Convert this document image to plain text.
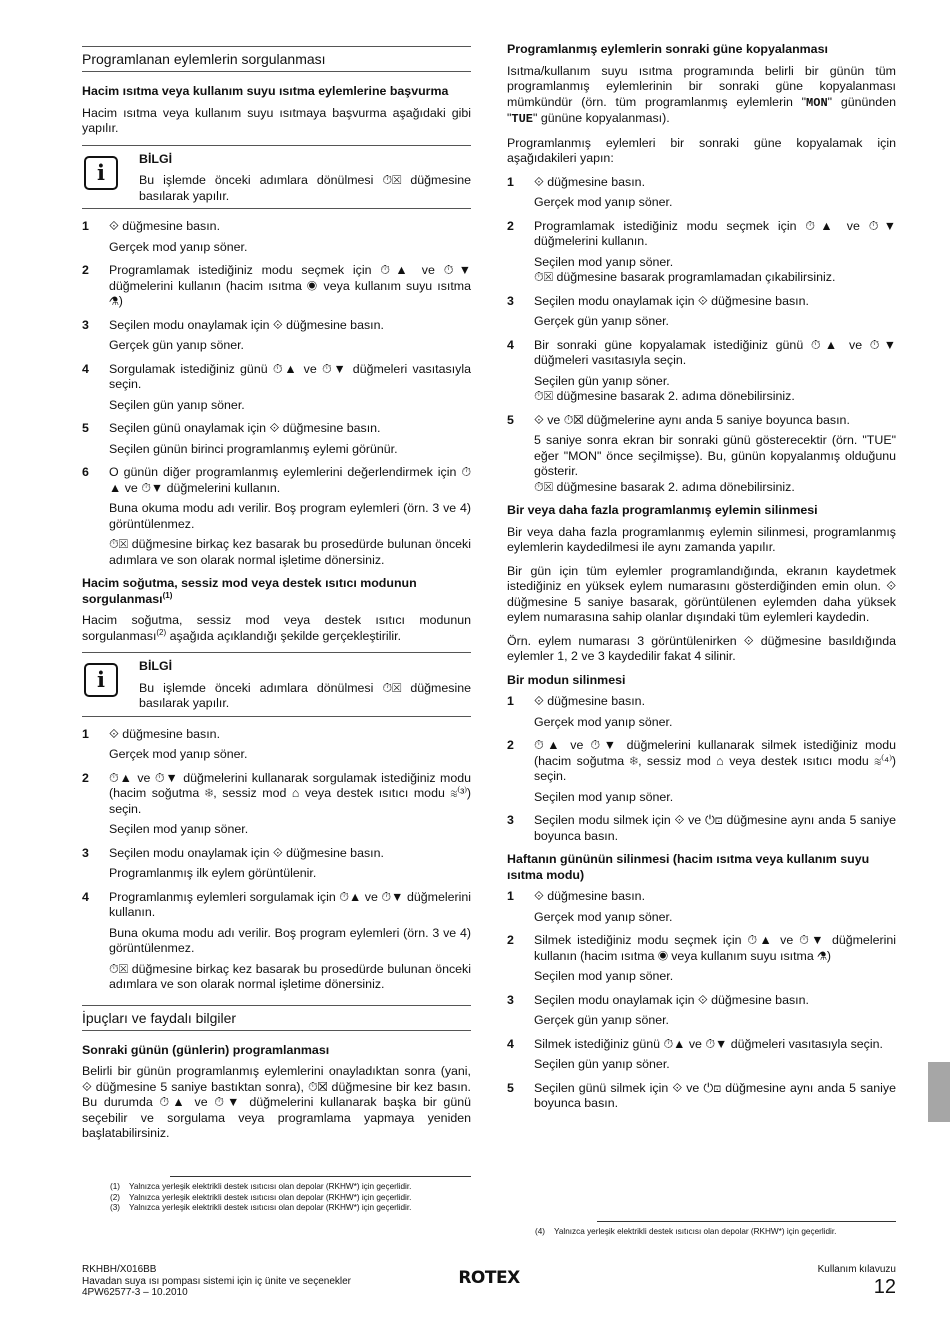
Programlanan eylemlerin sorgulanması
Hacim ısıtma veya kullanım suyu ısıtma eylemlerine başvurma

Hacim ısıtma veya kullanım suyu ısıtmaya başvurma aşağıdaki gibi yapılır.

i
BİLGİ
Bu işlemde önceki adımlara dönülmesi ⏱☒ düğmesine basılarak yapılır.
1	⟐ düğmesine basın.
Gerçek mod yanıp söner.
2	Programlamak istediğiniz modu seçmek için ⏱▲ ve ⏱▼ düğmelerini kullanın (hacim ısıtma ◉ veya kullanım suyu ısıtma ⚗)
3	Seçilen modu onaylamak için ⟐ düğmesine basın.
Gerçek gün yanıp söner.
4	Sorgulamak istediğiniz günü ⏱▲ ve ⏱▼ düğmeleri vasıtasıyla seçin.
Seçilen gün yanıp söner.
5	Seçilen günü onaylamak için ⟐ düğmesine basın.
Seçilen günün birinci programlanmış eylemi görünür.
6	O günün diğer programlanmış eylemlerini değerlendirmek için ⏱▲ ve ⏱▼ düğmelerini kullanın.
Buna okuma modu adı verilir. Boş program eylemleri (örn. 3 ve 4) görüntülenmez.
⏱☒ düğmesine birkaç kez basarak bu prosedürde bulunan önceki adımlara ve son olarak normal işletime dönersiniz.
Hacim soğutma, sessiz mod veya destek ısıtıcı modunun sorgulanması$^{(1)}$

Hacim soğutma, sessiz mod veya destek ısıtıcı modunun sorgulanması$^{(2)}$ aşağıda açıklandığı şekilde gerçekleştirilir.

i
BİLGİ
Bu işlemde önceki adımlara dönülmesi ⏱☒ düğmesine basılarak yapılır.
1	⟐ düğmesine basın.
Gerçek mod yanıp söner.
2	⏱▲ ve ⏱▼ düğmelerini kullanarak sorgulamak istediğiniz modu (hacim soğutma ❄, sessiz mod ⌂ veya destek ısıtıcı modu ≋⁽³⁾) seçin.
Seçilen mod yanıp söner.
3	Seçilen modu onaylamak için ⟐ düğmesine basın.
Programlanmış ilk eylem görüntülenir.
4	Programlanmış eylemleri sorgulamak için ⏱▲ ve ⏱▼ düğmelerini kullanın.
Buna okuma modu adı verilir. Boş program eylemleri (örn. 3 ve 4) görüntülenmez.
⏱☒ düğmesine birkaç kez basarak bu prosedürde bulunan önceki adımlara ve son olarak normal işletime dönersiniz.
İpuçları ve faydalı bilgiler
Sonraki günün (günlerin) programlanması

Belirli bir günün programlanmış eylemlerini onayladıktan sonra (yani, ⟐ düğmesine 5 saniye bastıktan sonra), ⏱☒ düğmesine bir kez basın. Bu durumda ⏱▲ ve ⏱▼ düğmelerini kullanarak başka bir günü seçebilir ve sorgulama veya programlama yapmaya yeniden başlatabilirsiniz.

(1)	Yalnızca yerleşik elektrikli destek ısıtıcısı olan depolar (RKHW*) için geçerlidir.
(2)	Yalnızca yerleşik elektrikli destek ısıtıcısı olan depolar (RKHW*) için geçerlidir.
(3)	Yalnızca yerleşik elektrikli destek ısıtıcısı olan depolar (RKHW*) için geçerlidir.
Programlanmış eylemlerin sonraki güne kopyalanması

Isıtma/kullanım suyu ısıtma programında belirli bir günün tüm programlanmış eylemlerinin bir sonraki güne kopyalanması mümkündür (örn. tüm programlanmış eylemlerin "MON" gününden "TUE" gününe kopyalanması).

Programlanmış eylemleri bir sonraki güne kopyalamak için aşağıdakileri yapın:

1	⟐ düğmesine basın.
Gerçek mod yanıp söner.
2	Programlamak istediğiniz modu seçmek için ⏱▲ ve ⏱▼ düğmelerini kullanın.
Seçilen mod yanıp söner.
⏱☒ düğmesine basarak programlamadan çıkabilirsiniz.
3	Seçilen modu onaylamak için ⟐ düğmesine basın.
Gerçek gün yanıp söner.
4	Bir sonraki güne kopyalamak istediğiniz günü ⏱▲ ve ⏱▼ düğmeleri vasıtasıyla seçin.
Seçilen gün yanıp söner.
⏱☒ düğmesine basarak 2. adıma dönebilirsiniz.
5	⟐ ve ⏱☒ düğmelerine aynı anda 5 saniye boyunca basın.
5 saniye sonra ekran bir sonraki günü gösterecektir (örn. "TUE" eğer "MON" önce seçilmişse). Bu, günün kopyalanmış olduğunu gösterir.
⏱☒ düğmesine basarak 2. adıma dönebilirsiniz.
Bir veya daha fazla programlanmış eylemin silinmesi

Bir veya daha fazla programlanmış eylemin silinmesi, programlanmış eylemlerin kaydedilmesi ile aynı zamanda yapılır.

Bir gün için tüm eylemler programlandığında, ekranın kaydetmek istediğiniz en yüksek eylem numarasını gösterdiğinden emin olun. ⟐ düğmesine 5 saniye basarak, görüntülenen eylemden daha yüksek eylem numarasına sahip olanlar dışındaki tüm eylemleri kaydedin.

Örn. eylem numarası 3 görüntülenirken ⟐ düğmesine basıldığında eylemler 1, 2 ve 3 kaydedilir fakat 4 silinir.

Bir modun silinmesi
1	⟐ düğmesine basın.
Gerçek mod yanıp söner.
2	⏱▲ ve ⏱▼ düğmelerini kullanarak silmek istediğiniz modu (hacim soğutma ❄, sessiz mod ⌂ veya destek ısıtıcı modu ≋⁽⁴⁾) seçin.
Seçilen mod yanıp söner.
3	Seçilen modu silmek için ⟐ ve ⏻⊡ düğmesine aynı anda 5 saniye boyunca basın.
Haftanın gününün silinmesi (hacim ısıtma veya kullanım suyu ısıtma modu)
1	⟐ düğmesine basın.
Gerçek mod yanıp söner.
2	Silmek istediğiniz modu seçmek için ⏱▲ ve ⏱▼ düğmelerini kullanın (hacim ısıtma ◉ veya kullanım suyu ısıtma ⚗)
Seçilen mod yanıp söner.
3	Seçilen modu onaylamak için ⟐ düğmesine basın.
Gerçek gün yanıp söner.
4	Silmek istediğiniz günü ⏱▲ ve ⏱▼ düğmeleri vasıtasıyla seçin.
Seçilen gün yanıp söner.
5	Seçilen günü silmek için ⟐ ve ⏻⊡ düğmesine aynı anda 5 saniye boyunca basın.
(4)	Yalnızca yerleşik elektrikli destek ısıtıcısı olan depolar (RKHW*) için geçerlidir.
RKHBH/X016BB
Havadan suya ısı pompası sistemi için iç ünite ve seçenekler
4PW62577-3 – 10.2010
ROTEX	Kullanım kılavuzu
12
